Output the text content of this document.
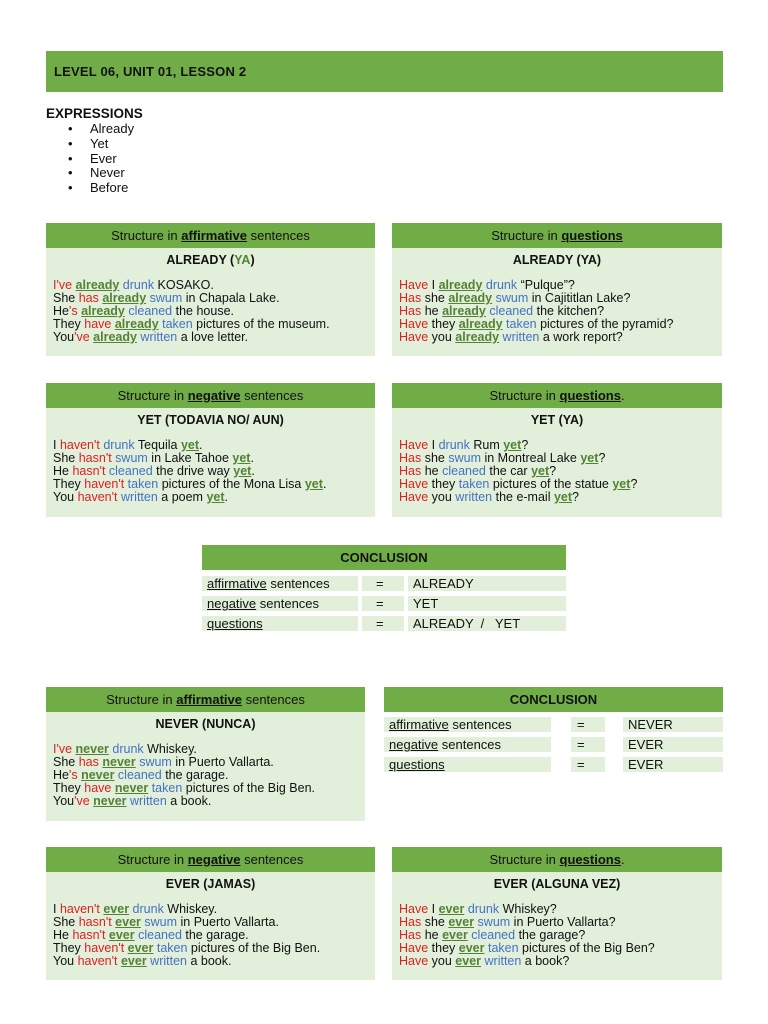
LEVEL 06, UNIT 01, LESSON 2
EXPRESSIONS
• Already
• Yet
• Ever
• Never
• Before
Structure in affirmative sentences
ALREADY (YA)
I've already drunk KOSAKO.
She has already swum in Chapala Lake.
He's already cleaned the house.
They have already taken pictures of the museum.
You've already written a love letter.
Structure in questions
ALREADY (YA)
Have I already drunk “Pulque”?
Has she already swum in Cajititlan Lake?
Has he already cleaned the kitchen?
Have they already taken pictures of the pyramid?
Have you already written a work report?
Structure in negative sentences
YET (TODAVIA NO/ AUN)
I haven't drunk Tequila yet.
She hasn't swum in Lake Tahoe yet.
He hasn't cleaned the drive way yet.
They haven't taken pictures of the Mona Lisa yet.
You haven't written a poem yet.
Structure in questions.
YET (YA)
Have I drunk Rum yet?
Has she swum in Montreal Lake yet?
Has he cleaned the car yet?
Have they taken pictures of the statue yet?
Have you written the e-mail yet?
CONCLUSION
affirmative sentences	=	ALREADY
negative sentences	=	YET
questions	=	ALREADY  /   YET
Structure in affirmative sentences
NEVER (NUNCA)
I've never drunk Whiskey.
She has never swum in Puerto Vallarta.
He's never cleaned the garage.
They have never taken pictures of the Big Ben.
You've never written a book.
CONCLUSION
affirmative sentences	=	NEVER
negative sentences	=	EVER
questions	=	EVER
Structure in negative sentences
EVER (JAMAS)
I haven't ever drunk Whiskey.
She hasn't ever swum in Puerto Vallarta.
He hasn't ever cleaned the garage.
They haven't ever taken pictures of the Big Ben.
You haven't ever written a book.
Structure in questions.
EVER (ALGUNA VEZ)
Have I ever drunk Whiskey?
Has she ever swum in Puerto Vallarta?
Has he ever cleaned the garage?
Have they ever taken pictures of the Big Ben?
Have you ever written a book?
